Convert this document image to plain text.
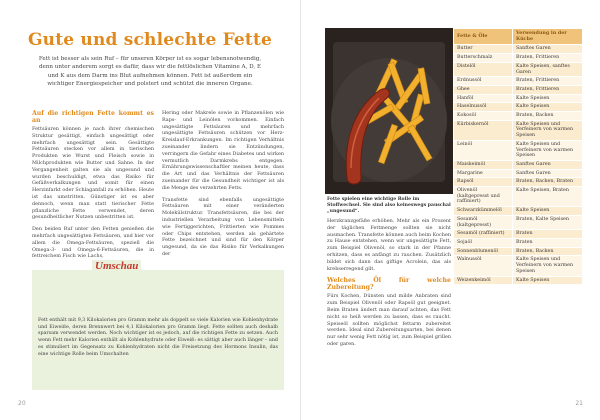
Gute und schlechte Fette
Fett ist besser als sein Ruf – für unseren Körper ist es sogar lebensnotwendig, denn unter anderem sorgt es dafür, dass wir die fettlöslichen Vitamine A, D, E und K aus dem Darm ins Blut aufnehmen können. Fett ist außerdem ein wichtiger Energiespeicher und polstert und schützt die inneren Organe.
Auf die richtigen Fette kommt es an

Fettsäuren können je nach ihrer chemischen Struktur gesättigt, einfach ungesättigt oder mehrfach ungesättigt sein. Gesättigte Fettsäuren stecken vor allem in tierischen Produkten wie Wurst und Fleisch sowie in Milchprodukten wie Butter und Sahne. In der Vergangenheit galten sie als ungesund und wurden beschuldigt, etwa das Risiko für Gefäßverkalkungen und somit für einen Herzinfarkt oder Schlaganfall zu erhöhen. Heute ist das umstritten. Günstiger ist es aber dennoch, wenn man statt tierischer Fette pflanzliche Fette verwendet, deren gesundheitlicher Nutzen unbestritten ist.

Den beiden Ruf unter den Fetten genießen die mehrfach ungesättigten Fettsäuren, und hier vor allem die Omega-Fettsäuren, speziell die Omega-3- und Omega-6-Fettsäuren, die in fettreichem Fisch wie Lachs,

Hering oder Makrele sowie in Pflanzenölen wie Raps- und Leinölen vorkommen. Einfach ungesättigte Fettsäuren und mehrfach ungesättigte Fettsäuren schützen vor Herz-Kreislauf-Erkrankungen. Im richtigen Verhältnis zueinander lindern sie Entzündungen, verringern die Gefahr eines Diabetes und wirken vermutlich Darmkrebs entgegen. Ernährungswissenschaftler meinen heute, dass die Art und das Verhältnis der Fettsäuren zueinander für die Gesundheit wichtiger ist als die Menge des verzehrten Fetts.

Transfette sind ebenfalls ungesättigte Fettsäuren mit einer veränderten Molekülstruktur. Transfettsäuren, die bei der industriellen Verarbeitung von Lebensmitteln wie Fertiggerichten, Frittierten wie Pommes oder Chips entstehen, werden als gehärtete Fette bezeichnet und sind für den Körper ungesund, da sie das Risiko für Verkalkungen der

Umschau
Fett enthält mit 9,3 Kilokalorien pro Gramm mehr als doppelt so viele Kalorien wie Kohlenhydrate und Eiweiße, deren Brennwert bei 4,1 Kilokalorien pro Gramm liegt. Fette sollten auch deshalb sparsam verwendet werden. Noch wichtiger ist es jedoch, auf die richtigen Fette zu setzen. Auch wenn Fett mehr Kalorien enthält als Kohlenhydrate oder Eiweiß: es sättigt aber auch länger – und es stimuliert im Gegensatz zu Kohlenhydraten nicht die Freisetzung des Hormons Insulin, das eine wichtige Rolle beim Umschalten
20
Fette spielen eine wichtige Rolle im Stoffwechsel. Sie sind also keineswegs pauschal „ungesund“.

Herzkranzgefäße erhöhen. Mehr als ein Prozent der täglichen Fettmenge sollten sie nicht ausmachen. Transfette können auch beim Kochen zu Hause entstehen, wenn wir ungesättigte Fett, zum Beispiel Olivenöl, so stark in der Pfanne erhitzen, dass es anfängt zu rauchen. Zusätzlich bildet sich dann das giftige Acrolein, das als krebserregend gilt.

Welches Öl für welche Zubereitung?

Fürs Kochen, Dünsten und milde Anbraten sind zum Beispiel Olivenöl oder Rapsöl gut geeignet. Beim Braten ändert man darauf achten, das Fett nicht so heiß werden zu lassen, dass es raucht. Speiseöl sollten möglichst fettarm zubereitet werden. Ideal sind Zubereitungsarten, bei denen nur sehr wenig Fett nötig ist, zum Beispiel grillen oder garen.

Fette & Öle	Verwendung in der Küche
Butter	Sanftes Garen
Butterschmalz	Braten, Frittieren
Distelöl	Kalte Speisen, sanftes Garen
Erdnussöl	Braten, Frittieren
Ghee	Braten, Frittieren
Hanföl	Kalte Speisen
Haselnussöl	Kalte Speisen
Kokosöl	Braten, Backen
Kürbiskernöl	Kalte Speisen und Verfeinern von warmen Speisen
Leinöl	Kalte Speisen und Verfeinern von warmen Speisen
Maiskeimöl	Sanftes Garen
Margarine	Sanftes Garen
Rapsöl	Braten, Backen, Braten
Olivenöl (kaltgepresst und raffiniert)	Kalte Speisen, Braten
Schwarzkümmelöl	Kalte Speisen
Sesamöl (kaltgepresst)	Braten, Kalte Speisen
Sesamöl (raffiniert)	Braten
Sojaöl	Braten
Sonnenblumenöl	Braten, Backen
Walnussöl	Kalte Speisen und Verfeinern von warmen Speisen
Weizenkeimöl	Kalte Speisen
21
